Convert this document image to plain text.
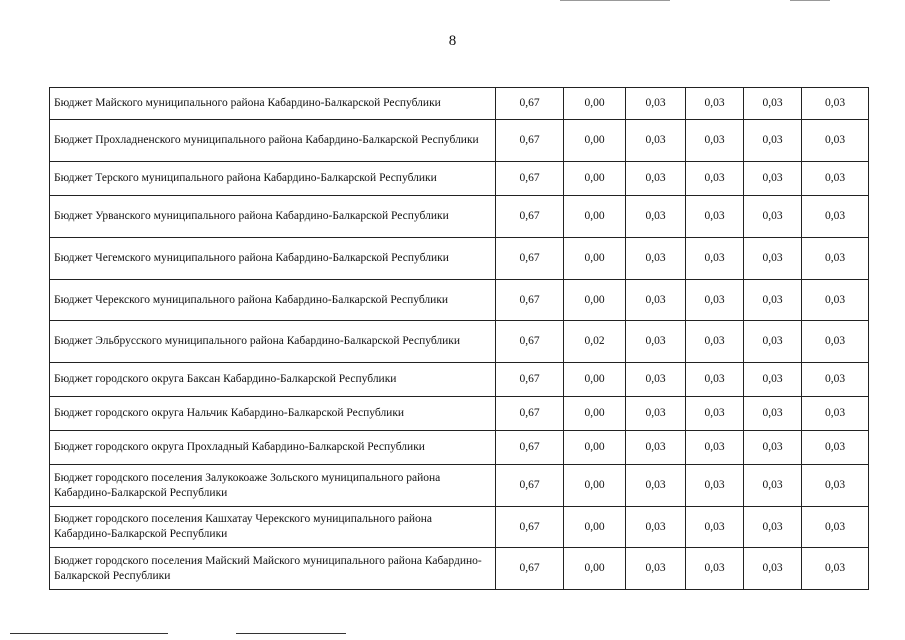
8
Бюджет Майского муниципального района Кабардино-Балкарской Республики	0,67	0,00	0,03	0,03	0,03	0,03
Бюджет Прохладненского муниципального района Кабардино-Балкарской Республики	0,67	0,00	0,03	0,03	0,03	0,03
Бюджет Терского муниципального района Кабардино-Балкарской Республики	0,67	0,00	0,03	0,03	0,03	0,03
Бюджет Урванского муниципального района Кабардино-Балкарской Республики	0,67	0,00	0,03	0,03	0,03	0,03
Бюджет Чегемского муниципального района Кабардино-Балкарской Республики	0,67	0,00	0,03	0,03	0,03	0,03
Бюджет Черекского муниципального района Кабардино-Балкарской Республики	0,67	0,00	0,03	0,03	0,03	0,03
Бюджет Эльбрусского муниципального района Кабардино-Балкарской Республики	0,67	0,02	0,03	0,03	0,03	0,03
Бюджет городского округа Баксан Кабардино-Балкарской Республики	0,67	0,00	0,03	0,03	0,03	0,03
Бюджет городского округа Нальчик Кабардино-Балкарской Республики	0,67	0,00	0,03	0,03	0,03	0,03
Бюджет городского округа Прохладный Кабардино-Балкарской Республики	0,67	0,00	0,03	0,03	0,03	0,03
Бюджет городского поселения Залукокоаже Зольского муниципального района Кабардино-Балкарской Республики	0,67	0,00	0,03	0,03	0,03	0,03
Бюджет городского поселения Кашхатау Черекского муниципального района Кабардино-Балкарской Республики	0,67	0,00	0,03	0,03	0,03	0,03
Бюджет городского поселения Майский Майского муниципального района Кабардино-Балкарской Республики	0,67	0,00	0,03	0,03	0,03	0,03
